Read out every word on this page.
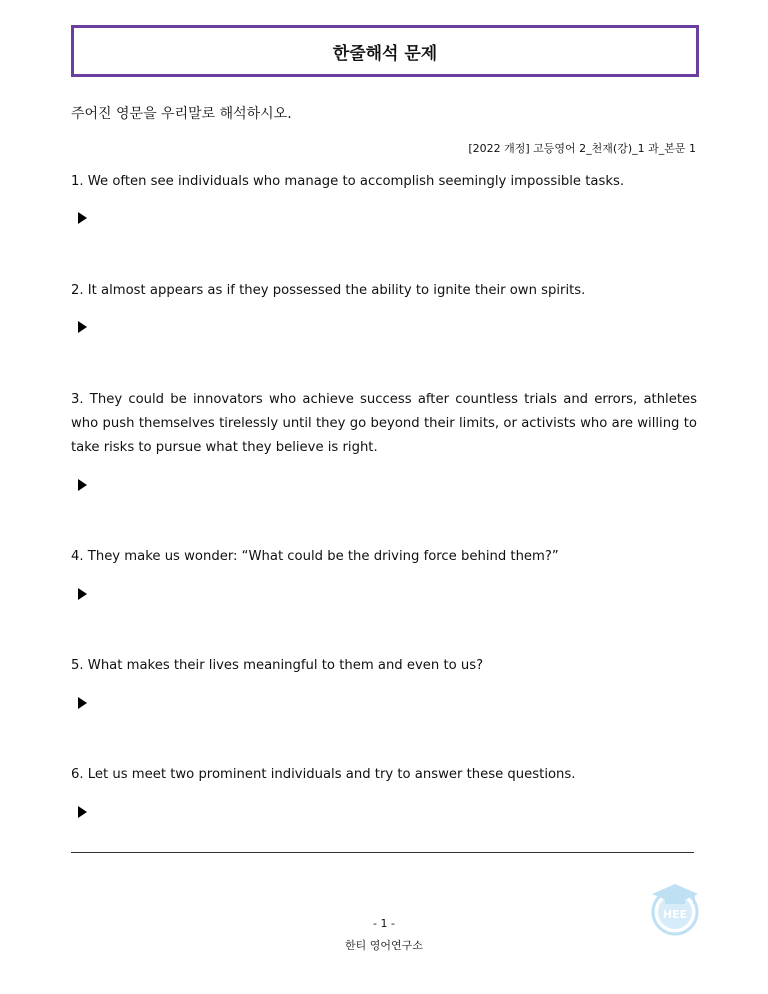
한줄해석 문제
주어진 영문을 우리말로 해석하시오.
[2022 개정] 고등영어 2_천재(강)_1 과_본문 1
1. We often see individuals who manage to accomplish seemingly impossible tasks.
2. It almost appears as if they possessed the ability to ignite their own spirits.
3. They could be innovators who achieve success after countless trials and errors, athletes who push themselves tirelessly until they go beyond their limits, or activists who are willing to take risks to pursue what they believe is right.
4. They make us wonder: “What could be the driving force behind them?”
5. What makes their lives meaningful to them and even to us?
6. Let us meet two prominent individuals and try to answer these questions.
- 1 -
한티 영어연구소
HEE
